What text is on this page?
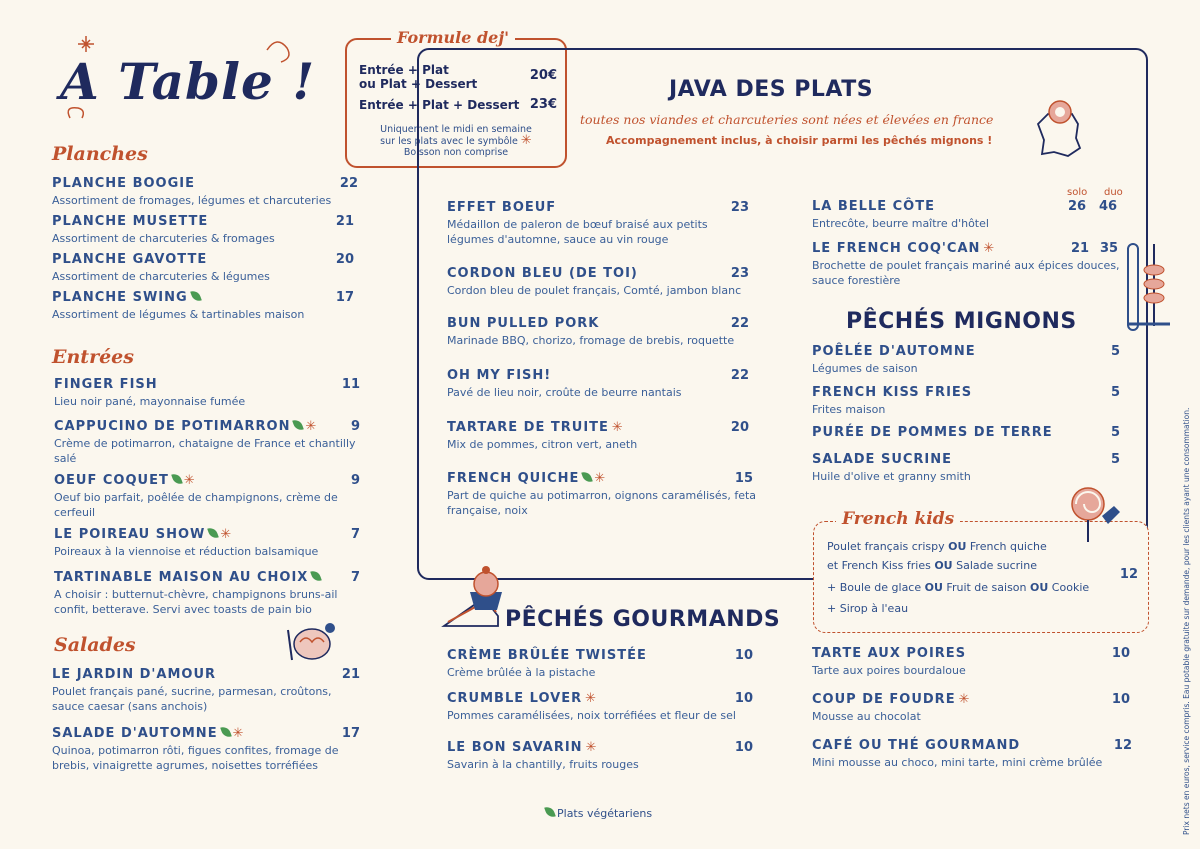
A Table !
Formule dej'
Entrée + Plat
ou Plat + Dessert
20€
Entrée + Plat + Dessert 23€
Uniquement le midi en semaine
sur les plats avec le symbôle ✳
Boisson non comprise
Planches
PLANCHE BOOGIE
Assortiment de fromages, légumes et charcuteries
22
PLANCHE MUSETTE
Assortiment de charcuteries & fromages
21
PLANCHE GAVOTTE
Assortiment de charcuteries & légumes
20
PLANCHE SWING
Assortiment de légumes & tartinables maison
17
Entrées
FINGER FISH
Lieu noir pané, mayonnaise fumée
11
CAPPUCINO DE POTIMARRON ✳
Crème de potimarron, chataigne de France et chantilly salé
9
OEUF COQUET ✳
Oeuf bio parfait, poêlée de champignons, crème de cerfeuil
9
LE POIREAU SHOW ✳
Poireaux à la viennoise et réduction balsamique
7
TARTINABLE MAISON AU CHOIX
A choisir : butternut-chèvre, champignons bruns-ail confit, betterave. Servi avec toasts de pain bio
7
Salades
LE JARDIN D'AMOUR
Poulet français pané, sucrine, parmesan, croûtons, sauce caesar (sans anchois)
21
SALADE D'AUTOMNE ✳
Quinoa, potimarron rôti, figues confites, fromage de brebis, vinaigrette agrumes, noisettes torréfiées
17
JAVA DES PLATS
toutes nos viandes et charcuteries sont nées et élevées en france
Accompagnement inclus, à choisir parmi les pêchés mignons !
EFFET BOEUF
Médaillon de paleron de bœuf braisé aux petits légumes d'automne, sauce au vin rouge
23
CORDON BLEU (DE TOI)
Cordon bleu de poulet français, Comté, jambon blanc
23
BUN PULLED PORK
Marinade BBQ, chorizo, fromage de brebis, roquette
22
OH MY FISH!
Pavé de lieu noir, croûte de beurre nantais
22
TARTARE DE TRUITE ✳
Mix de pommes, citron vert, aneth
20
FRENCH QUICHE ✳
Part de quiche au potimarron, oignons caramélisés, feta française, noix
15
solo duo
LA BELLE CÔTE
Entrecôte, beurre maître d'hôtel
26 46
LE FRENCH COQ'CAN ✳
Brochette de poulet français mariné aux épices douces, sauce forestière
21 35
PÊCHÉS MIGNONS
POÊLÉE D'AUTOMNE
Légumes de saison
5
FRENCH KISS FRIES
Frites maison
5
PURÉE DE POMMES DE TERRE	5
SALADE SUCRINE
Huile d'olive et granny smith
5
French kids
Poulet français crispy OU French quiche
et French Kiss fries OU Salade sucrine
+ Boule de glace OU Fruit de saison OU Cookie
+ Sirop à l'eau
12
PÊCHÉS GOURMANDS
CRÈME BRÛLÉE TWISTÉE
Crème brûlée à la pistache
10
CRUMBLE LOVER ✳
Pommes caramélisées, noix torréfiées et fleur de sel
10
LE BON SAVARIN ✳
Savarin à la chantilly, fruits rouges
10
TARTE AUX POIRES
Tarte aux poires bourdaloue
10
COUP DE FOUDRE ✳
Mousse au chocolat
10
CAFÉ OU THÉ GOURMAND
Mini mousse au choco, mini tarte, mini crème brûlée
12
Plats végétariens	Prix nets en euros, service compris. Eau potable gratuite sur demande, pour les clients ayant une consommation.
